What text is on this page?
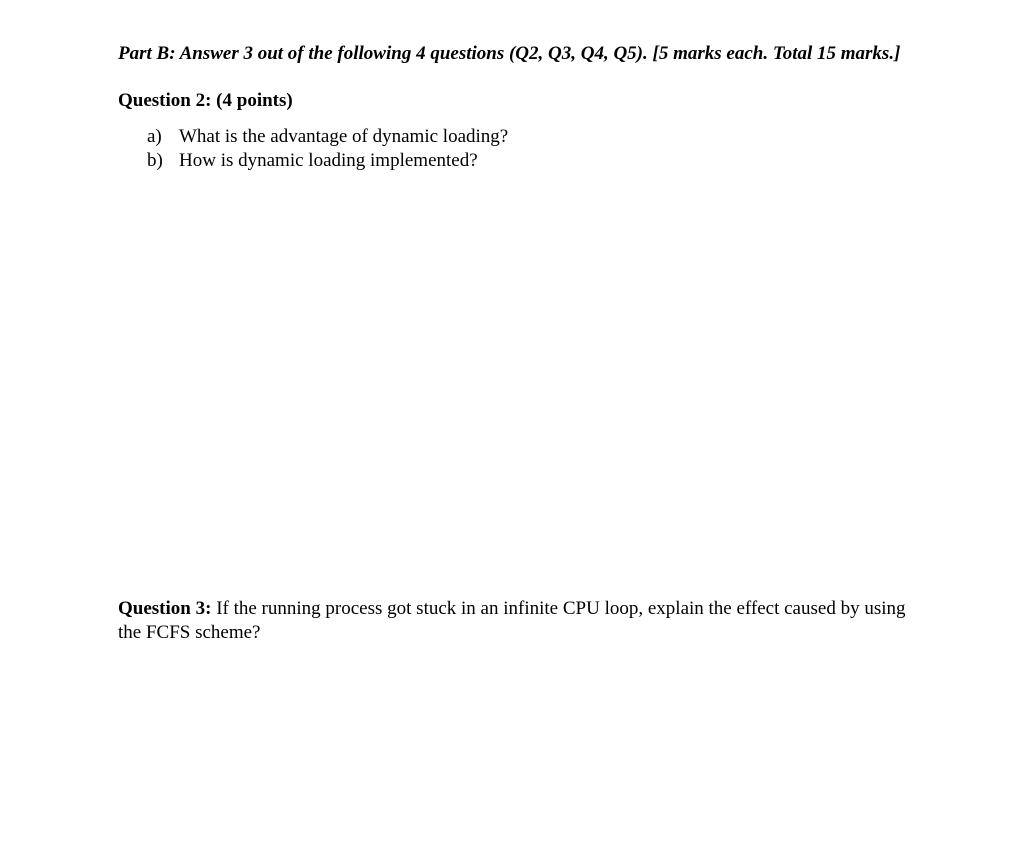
Part B: Answer 3 out of the following 4 questions (Q2, Q3, Q4, Q5). [5 marks each. Total 15 marks.]

Question 2: (4 points)

a) What is the advantage of dynamic loading?
b) How is dynamic loading implemented?

Question 3: If the running process got stuck in an infinite CPU loop, explain the effect caused by using the FCFS scheme?
